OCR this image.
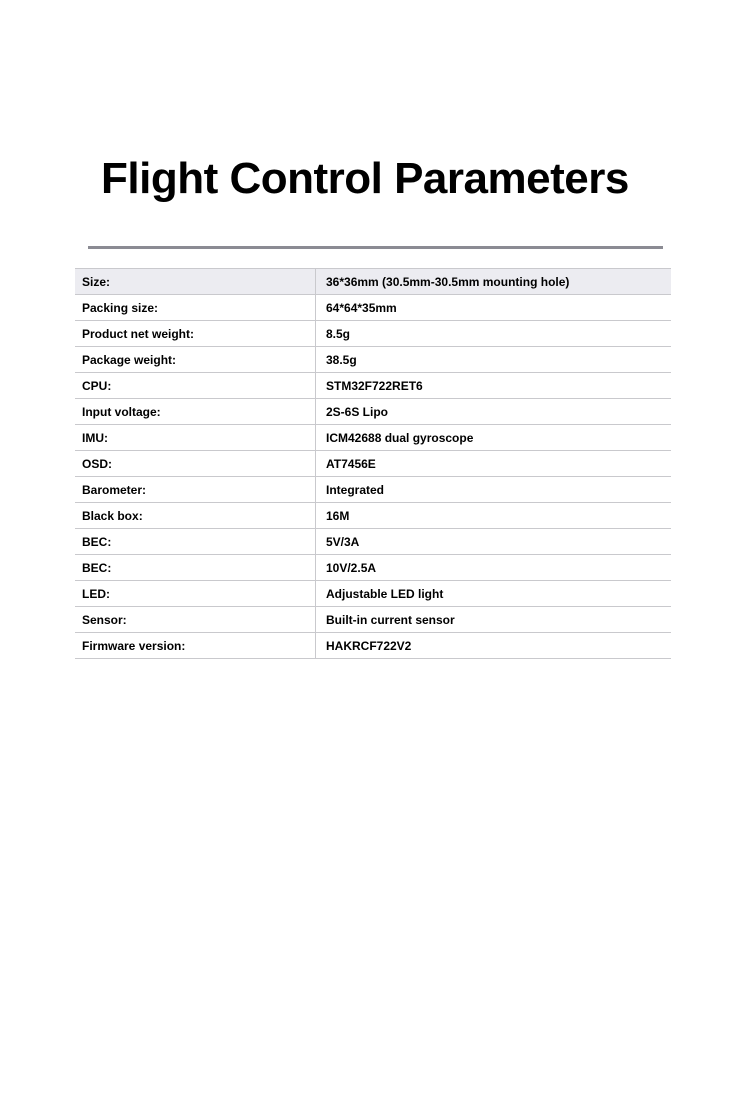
Flight Control Parameters
Size:	36*36mm (30.5mm-30.5mm mounting hole)
Packing size:	64*64*35mm
Product net weight:	8.5g
Package weight:	38.5g
CPU:	STM32F722RET6
Input voltage:	2S-6S Lipo
IMU:	ICM42688 dual gyroscope
OSD:	AT7456E
Barometer:	Integrated
Black box:	16M
BEC:	5V/3A
BEC:	10V/2.5A
LED:	Adjustable LED light
Sensor:	Built-in current sensor
Firmware version:	HAKRCF722V2
